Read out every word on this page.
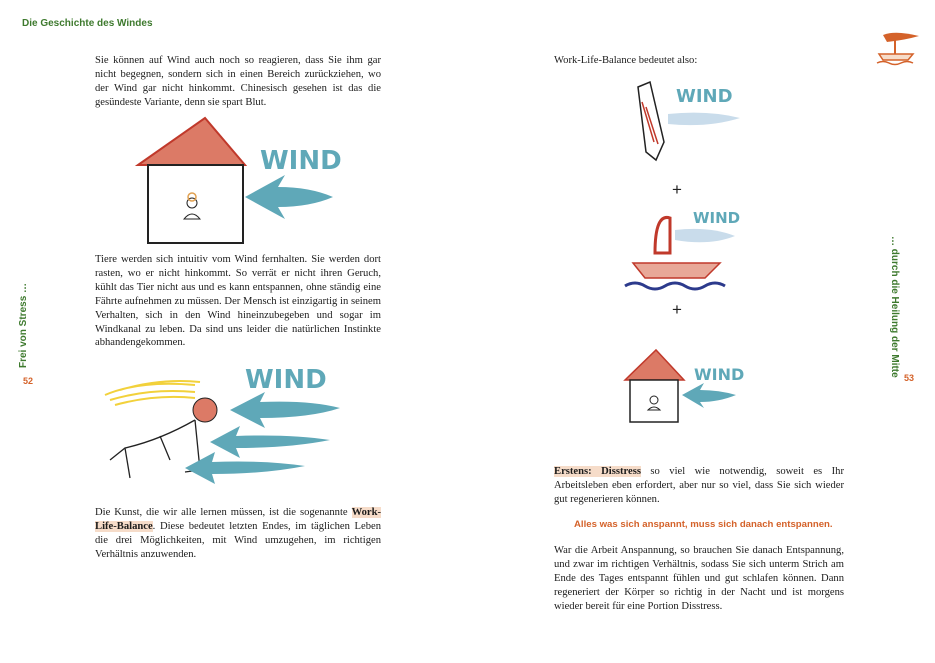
Die Geschichte des Windes
Frei von Stress …
52
Sie können auf Wind auch noch so reagieren, dass Sie ihm gar nicht begegnen, sondern sich in einen Bereich zurückziehen, wo der Wind gar nicht hinkommt. Chinesisch gesehen ist das die gesündeste Variante, denn sie spart Blut.
WIND
Tiere werden sich intuitiv vom Wind fernhalten. Sie werden dort rasten, wo er nicht hinkommt. So verrät er nicht ihren Geruch, kühlt das Tier nicht aus und es kann entspannen, ohne ständig eine Fährte aufnehmen zu müssen. Der Mensch ist einzigartig in seinem Verhalten, sich in den Wind hineinzubegeben und sogar im Windkanal zu leben. Da sind uns leider die natürlichen Instinkte abhandengekommen.
WIND
Die Kunst, die wir alle lernen müssen, ist die sogenannte Work-Life-Balance. Diese bedeutet letzten Endes, im täglichen Leben die drei Möglichkeiten, mit Wind umzugehen, im richtigen Verhältnis anzuwenden.
… durch die Heilung der Mitte
53
Work-Life-Balance bedeutet also:
WIND
+
WIND
+
WIND
Erstens: Disstress so viel wie notwendig, soweit es Ihr Arbeitsleben eben erfordert, aber nur so viel, dass Sie sich wieder gut regenerieren können.
Alles was sich anspannt, muss sich danach entspannen.
War die Arbeit Anspannung, so brauchen Sie danach Entspannung, und zwar im richtigen Verhältnis, sodass Sie sich unterm Strich am Ende des Tages entspannt fühlen und gut schlafen können. Dann regeneriert der Körper so richtig in der Nacht und ist morgens wieder bereit für eine Portion Disstress.
